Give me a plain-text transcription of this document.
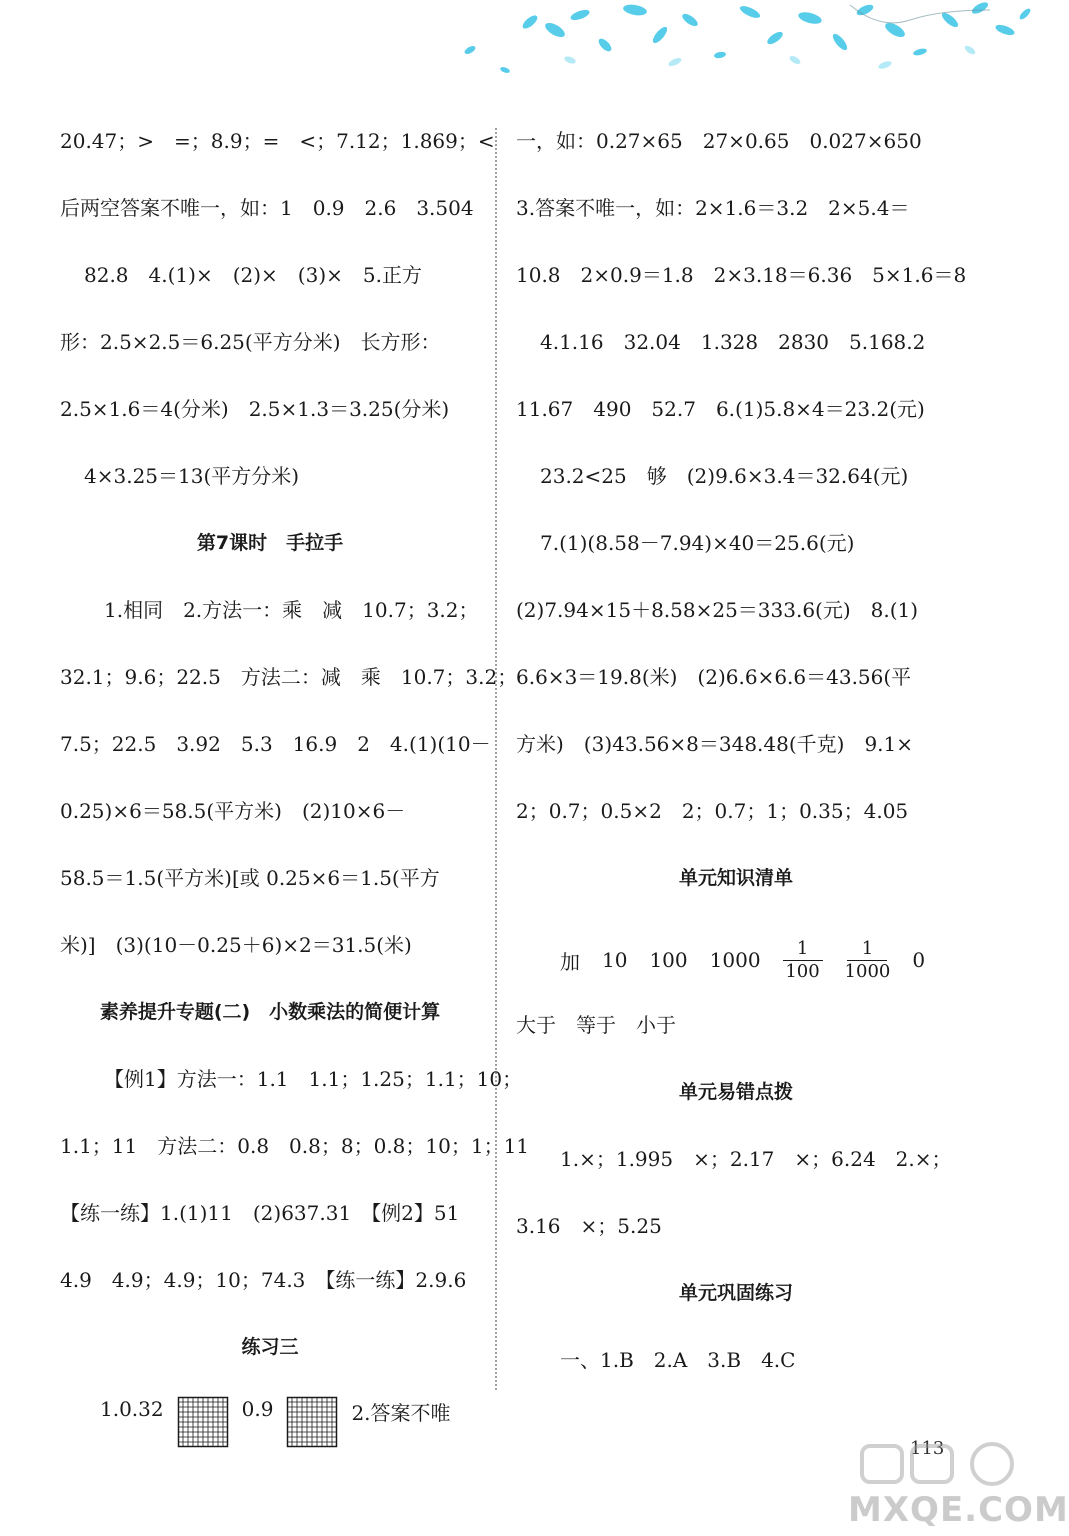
20.47；>　=；8.9；=　<；7.12；1.869；<
后两空答案不唯一，如：1　0.9　2.6　3.504
82.8　4.(1)×　(2)×　(3)×　5.正方
形：2.5×2.5＝6.25(平方分米)　长方形：
2.5×1.6＝4(分米)　2.5×1.3＝3.25(分米)
4×3.25＝13(平方分米)
第7课时　手拉手
1.相同　2.方法一：乘　减　10.7；3.2；
32.1；9.6；22.5　方法二：减　乘　10.7；3.2；
7.5；22.5　3.92　5.3　16.9　2　4.(1)(10－
0.25)×6＝58.5(平方米)　(2)10×6－
58.5＝1.5(平方米)[或 0.25×6＝1.5(平方
米)]　(3)(10－0.25＋6)×2＝31.5(米)
素养提升专题(二)　小数乘法的简便计算
【例1】方法一：1.1　1.1；1.25；1.1；10；
1.1；11　方法二：0.8　0.8；8；0.8；10；1；11
【练一练】1.(1)11　(2)637.31　【例2】51
4.9　4.9；4.9；10；74.3　【练一练】2.9.6
练习三
1.0.32	0.9	2.答案不唯
一，如：0.27×65　27×0.65　0.027×650
3.答案不唯一，如：2×1.6＝3.2　2×5.4＝
10.8　2×0.9＝1.8　2×3.18＝6.36　5×1.6＝8
4.1.16　32.04　1.328　2830　5.168.2
11.67　490　52.7　6.(1)5.8×4＝23.2(元)
23.2<25　够　(2)9.6×3.4＝32.64(元)
7.(1)(8.58－7.94)×40＝25.6(元)
(2)7.94×15＋8.58×25＝333.6(元)　8.(1)
6.6×3＝19.8(米)　(2)6.6×6.6＝43.56(平
方米)　(3)43.56×8＝348.48(千克)　9.1×
2；0.7；0.5×2　2；0.7；1；0.35；4.05
单元知识清单
加 10 100 $1000 \frac{1}{100} \frac{1}{1000} 0$
大于　等于　小于
单元易错点拨
1.×；1.995　×；2.17　×；6.24　2.×；
3.16　×；5.25
单元巩固练习
一、1.B　2.A　3.B　4.C
113
MXQE.COM
